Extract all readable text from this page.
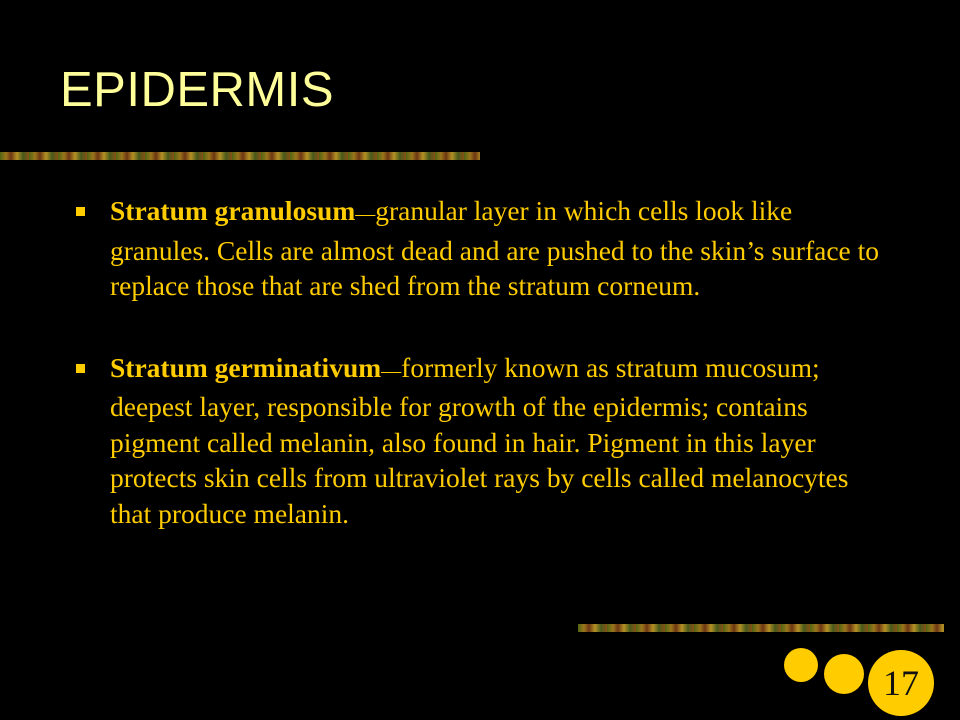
EPIDERMIS
Stratum granulosum—granular layer in which cells look like granules. Cells are almost dead and are pushed to the skin’s surface to replace those that are shed from the stratum corneum.
Stratum germinativum—formerly known as stratum mucosum; deepest layer, responsible for growth of the epidermis; contains pigment called melanin, also found in hair. Pigment in this layer protects skin cells from ultraviolet rays by cells called melanocytes that produce melanin.
17
